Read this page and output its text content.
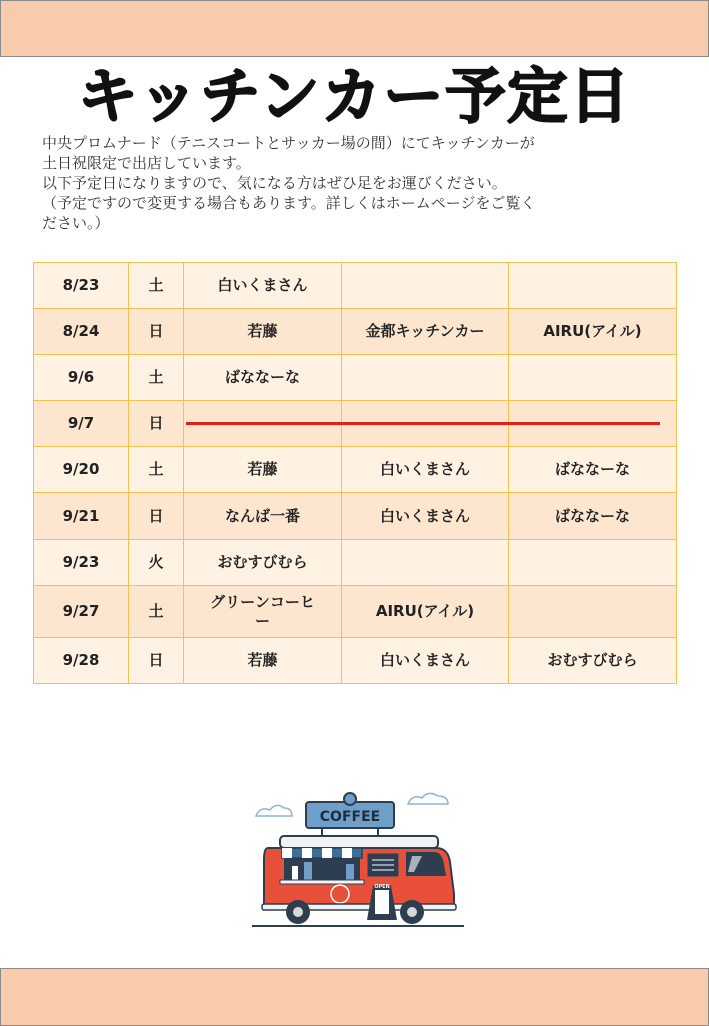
キッチンカー予定日
中央プロムナード（テニスコートとサッカー場の間）にてキッチンカーが
土日祝限定で出店しています。
以下予定日になりますので、気になる方はぜひ足をお運びください。
（予定ですので変更する場合もあります。詳しくはホームページをご覧く
ださい。）
8/23	土	白いくまさん		
8/24	日	若藤	金都キッチンカー	AIRU(アイル)
9/6	土	ばななーな		
9/7	日			
9/20	土	若藤	白いくまさん	ばななーな
9/21	日	なんば一番	白いくまさん	ばななーな
9/23	火	おむすびむら		
9/27	土	グリーンコーヒー	AIRU(アイル)	
9/28	日	若藤	白いくまさん	おむすびむら
COFFEE
OPEN
